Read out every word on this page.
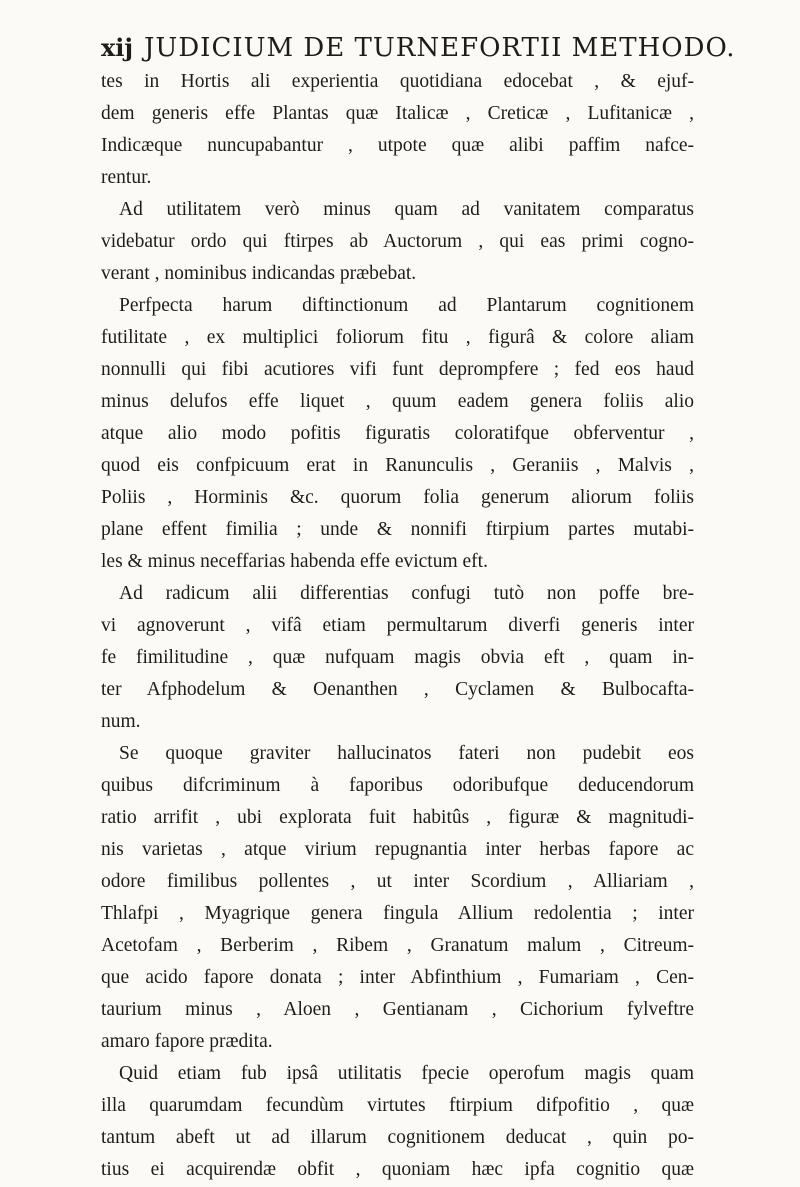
xij JUDICIUM DE TURNEFORTII METHODO.
tes in Hortis ali experientia quotidiana edocebat , & ejuf-
dem generis effe Plantas quæ Italicæ , Creticæ , Lufitanicæ ,
Indicæque nuncupabantur , utpote quæ alibi paffim nafce-
rentur.
Ad utilitatem verò minus quam ad vanitatem comparatus
videbatur ordo qui ftirpes ab Auctorum , qui eas primi cogno-
verant , nominibus indicandas præbebat.
Perfpecta harum diftinctionum ad Plantarum cognitionem
futilitate , ex multiplici foliorum fitu , figurâ & colore aliam
nonnulli qui fibi acutiores vifi funt deprompfere ; fed eos haud
minus delufos effe liquet , quum eadem genera foliis alio
atque alio modo pofitis figuratis coloratifque obferventur ,
quod eis confpicuum erat in Ranunculis , Geraniis , Malvis ,
Poliis , Horminis &c. quorum folia generum aliorum foliis
plane effent fimilia ; unde & nonnifi ftirpium partes mutabi-
les & minus neceffarias habenda effe evictum eft.
Ad radicum alii differentias confugi tutò non poffe bre-
vi agnoverunt , vifâ etiam permultarum diverfi generis inter
fe fimilitudine , quæ nufquam magis obvia eft , quam in-
ter Afphodelum & Oenanthen , Cyclamen & Bulbocafta-
num.
Se quoque graviter hallucinatos fateri non pudebit eos
quibus difcriminum à faporibus odoribufque deducendorum
ratio arrifit , ubi explorata fuit habitûs , figuræ & magnitudi-
nis varietas , atque virium repugnantia inter herbas fapore ac
odore fimilibus pollentes , ut inter Scordium , Alliariam ,
Thlafpi , Myagrique genera fingula Allium redolentia ; inter
Acetofam , Berberim , Ribem , Granatum malum , Citreum-
que acido fapore donata ; inter Abfinthium , Fumariam , Cen-
taurium minus , Aloen , Gentianam , Cichorium fylveftre
amaro fapore prædita.
Quid etiam fub ipsâ utilitatis fpecie operofum magis quam
illa quarumdam fecundùm virtutes ftirpium difpofitio , quæ
tantum abeft ut ad illarum cognitionem deducat , quin po-
tius ei acquirendæ obfit , quoniam hæc ipfa cognitio quæ
